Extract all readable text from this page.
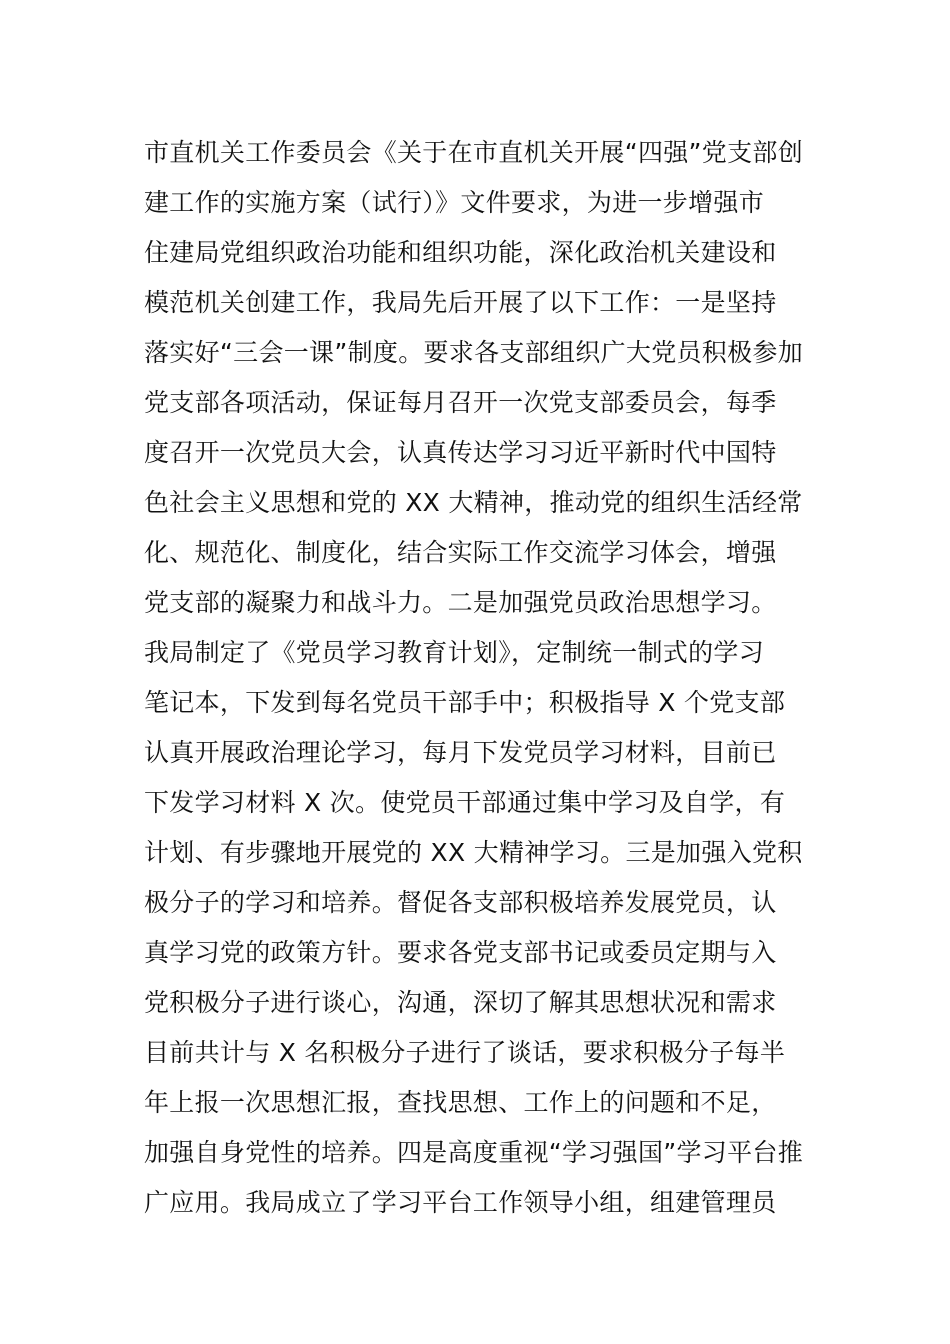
市直机关工作委员会《关于在市直机关开展“四强”党支部创
建工作的实施方案（试行）》文件要求，为进一步增强市
住建局党组织政治功能和组织功能，深化政治机关建设和
模范机关创建工作，我局先后开展了以下工作：一是坚持
落实好“三会一课”制度。要求各支部组织广大党员积极参加
党支部各项活动，保证每月召开一次党支部委员会，每季
度召开一次党员大会，认真传达学习习近平新时代中国特
色社会主义思想和党的 XX 大精神，推动党的组织生活经常
化、规范化、制度化，结合实际工作交流学习体会，增强
党支部的凝聚力和战斗力。二是加强党员政治思想学习。
我局制定了《党员学习教育计划》，定制统一制式的学习
笔记本，下发到每名党员干部手中；积极指导 X 个党支部
认真开展政治理论学习，每月下发党员学习材料，目前已
下发学习材料 X 次。使党员干部通过集中学习及自学，有
计划、有步骤地开展党的 XX 大精神学习。三是加强入党积
极分子的学习和培养。督促各支部积极培养发展党员，认
真学习党的政策方针。要求各党支部书记或委员定期与入
党积极分子进行谈心，沟通，深切了解其思想状况和需求
目前共计与 X 名积极分子进行了谈话，要求积极分子每半
年上报一次思想汇报，查找思想、工作上的问题和不足，
加强自身党性的培养。四是高度重视“学习强国”学习平台推
广应用。我局成立了学习平台工作领导小组，组建管理员
